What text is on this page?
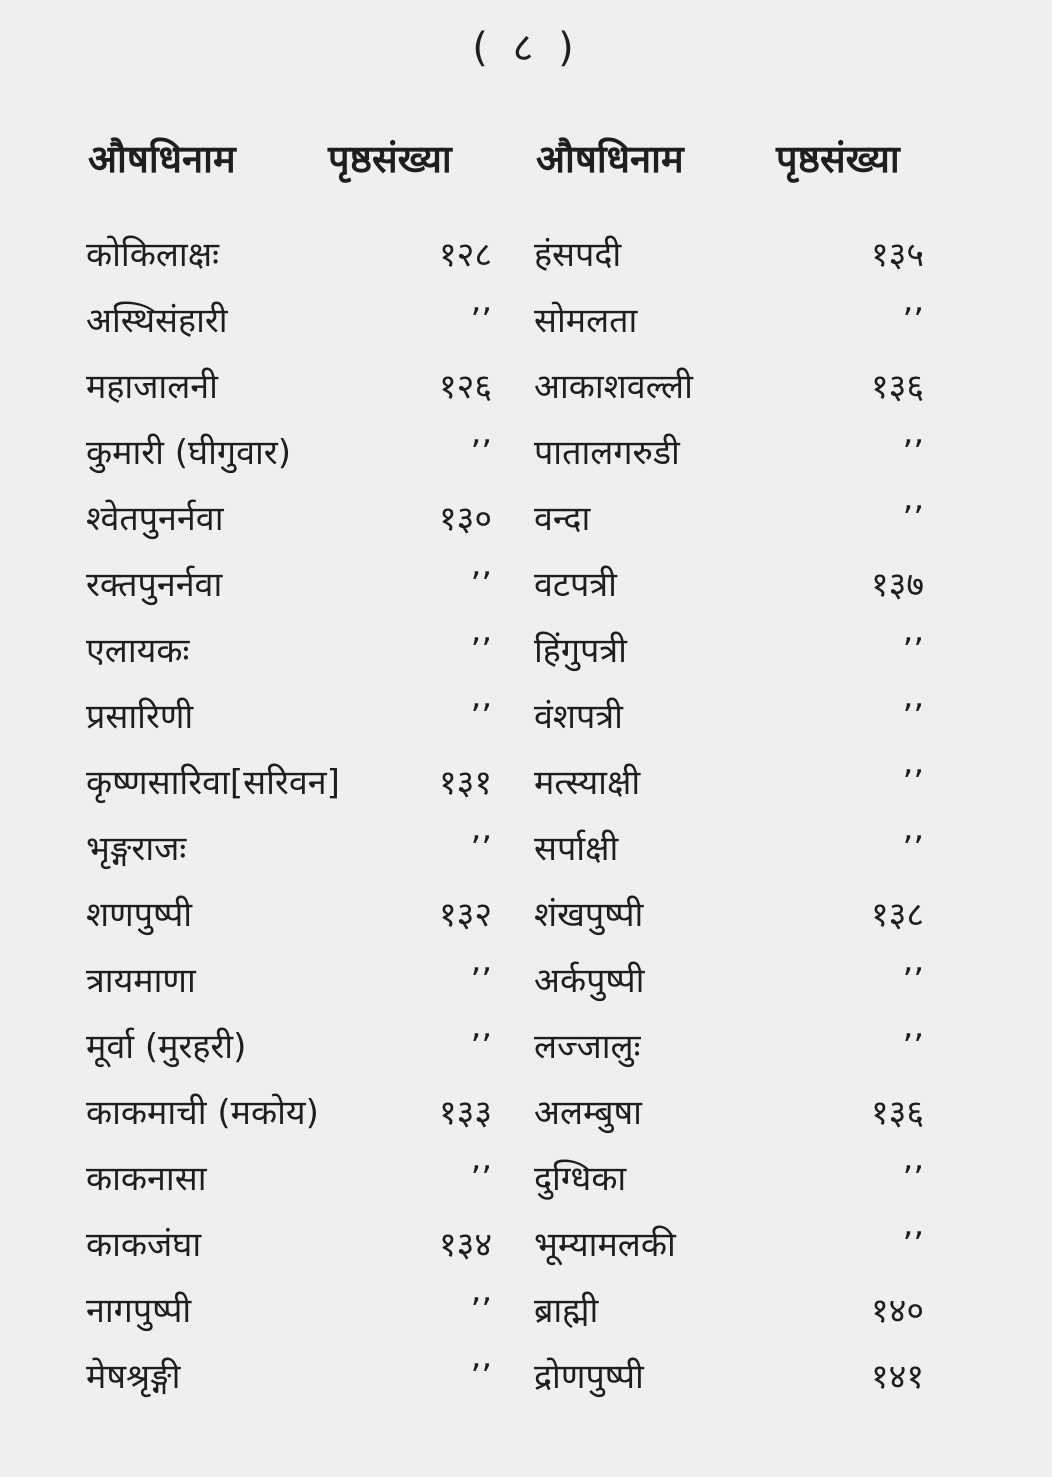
( ८ )
औषधिनाम पृष्ठसंख्या औषधिनाम पृष्ठसंख्या
कोकिलाक्षः	१२८ हंसपदी	१३५
अस्थिसंहारी	’’ सोमलता	’’
महाजालनी	१२६ आकाशवल्ली	१३६
कुमारी (घीगुवार)	’’ पातालगरुडी	’’
श्वेतपुनर्नवा	१३० वन्दा	’’
रक्तपुनर्नवा	’’ वटपत्री	१३७
एलायकः	’’ हिंगुपत्री	’’
प्रसारिणी	’’ वंशपत्री	’’
कृष्णसारिवा[सरिवन]	१३१ मत्स्याक्षी	’’
भृङ्गराजः	’’ सर्पाक्षी	’’
शणपुष्पी	१३२ शंखपुष्पी	१३८
त्रायमाणा	’’ अर्कपुष्पी	’’
मूर्वा (मुरहरी)	’’ लज्जालुः	’’
काकमाची (मकोय)	१३३ अलम्बुषा	१३६
काकनासा	’’ दुग्धिका	’’
काकजंघा	१३४ भूम्यामलकी	’’
नागपुष्पी	’’ ब्राह्मी	१४०
मेषश्रृङ्गी	’’ द्रोणपुष्पी	१४१
